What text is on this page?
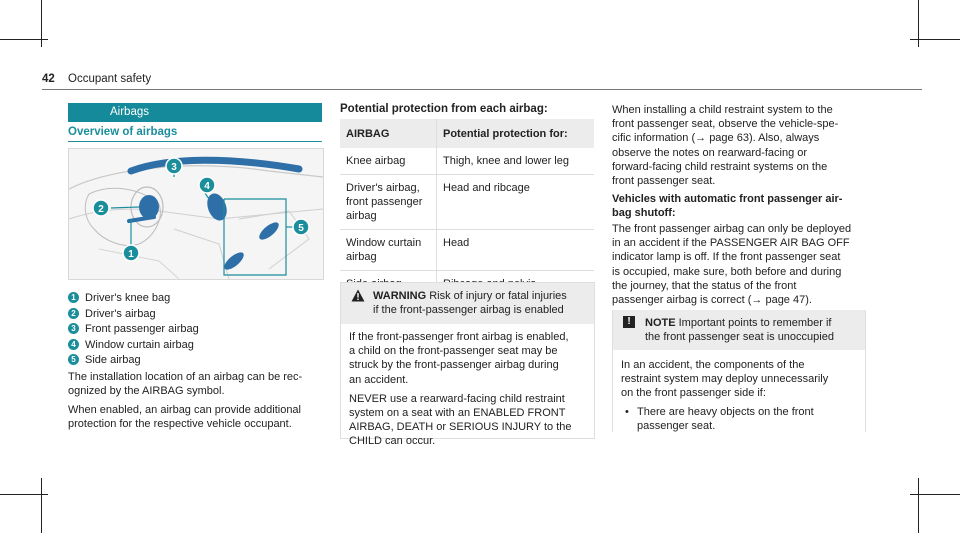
42 Occupant safety
Airbags
Overview of airbags
3
4
2
1
5
1 Driver's knee bag
2 Driver's airbag
3 Front passenger airbag
4 Window curtain airbag
5 Side airbag
The installation location of an airbag can be rec-
ognized by the AIRBAG symbol.
When enabled, an airbag can provide additional
protection for the respective vehicle occupant.
Potential protection from each airbag:
AIRBAG	Potential protection for:

Knee airbag	Thigh, knee and lower leg

Driver's airbag,
front passenger
airbag	Head and ribcage

Window curtain
airbag	Head

WARNING Risk of injury or fatal injuries
if the front-passenger airbag is enabled

If the front-passenger front airbag is enabled,
a child on the front-passenger seat may be
struck by the front-passenger airbag during
an accident.

NEVER use a rearward-facing child restraint
system on a seat with an ENABLED FRONT
AIRBAG, DEATH or SERIOUS INJURY to the
CHILD can occur.

When installing a child restraint system to the
front passenger seat, observe the vehicle-spe-
cific information (→ page 63). Also, always
observe the notes on rearward-facing or
forward-facing child restraint systems on the
front passenger seat.
Vehicles with automatic front passenger air-
bag shutoff:
The front passenger airbag can only be deployed
in an accident if the PASSENGER AIR BAG OFF
indicator lamp is off. If the front passenger seat
is occupied, make sure, both before and during
the journey, that the status of the front
passenger airbag is correct (→ page 47).
!	NOTE Important points to remember if
the front passenger seat is unoccupied

In an accident, the components of the
restraint system may deploy unnecessarily
on the front passenger side if:

• There are heavy objects on the front
passenger seat.
